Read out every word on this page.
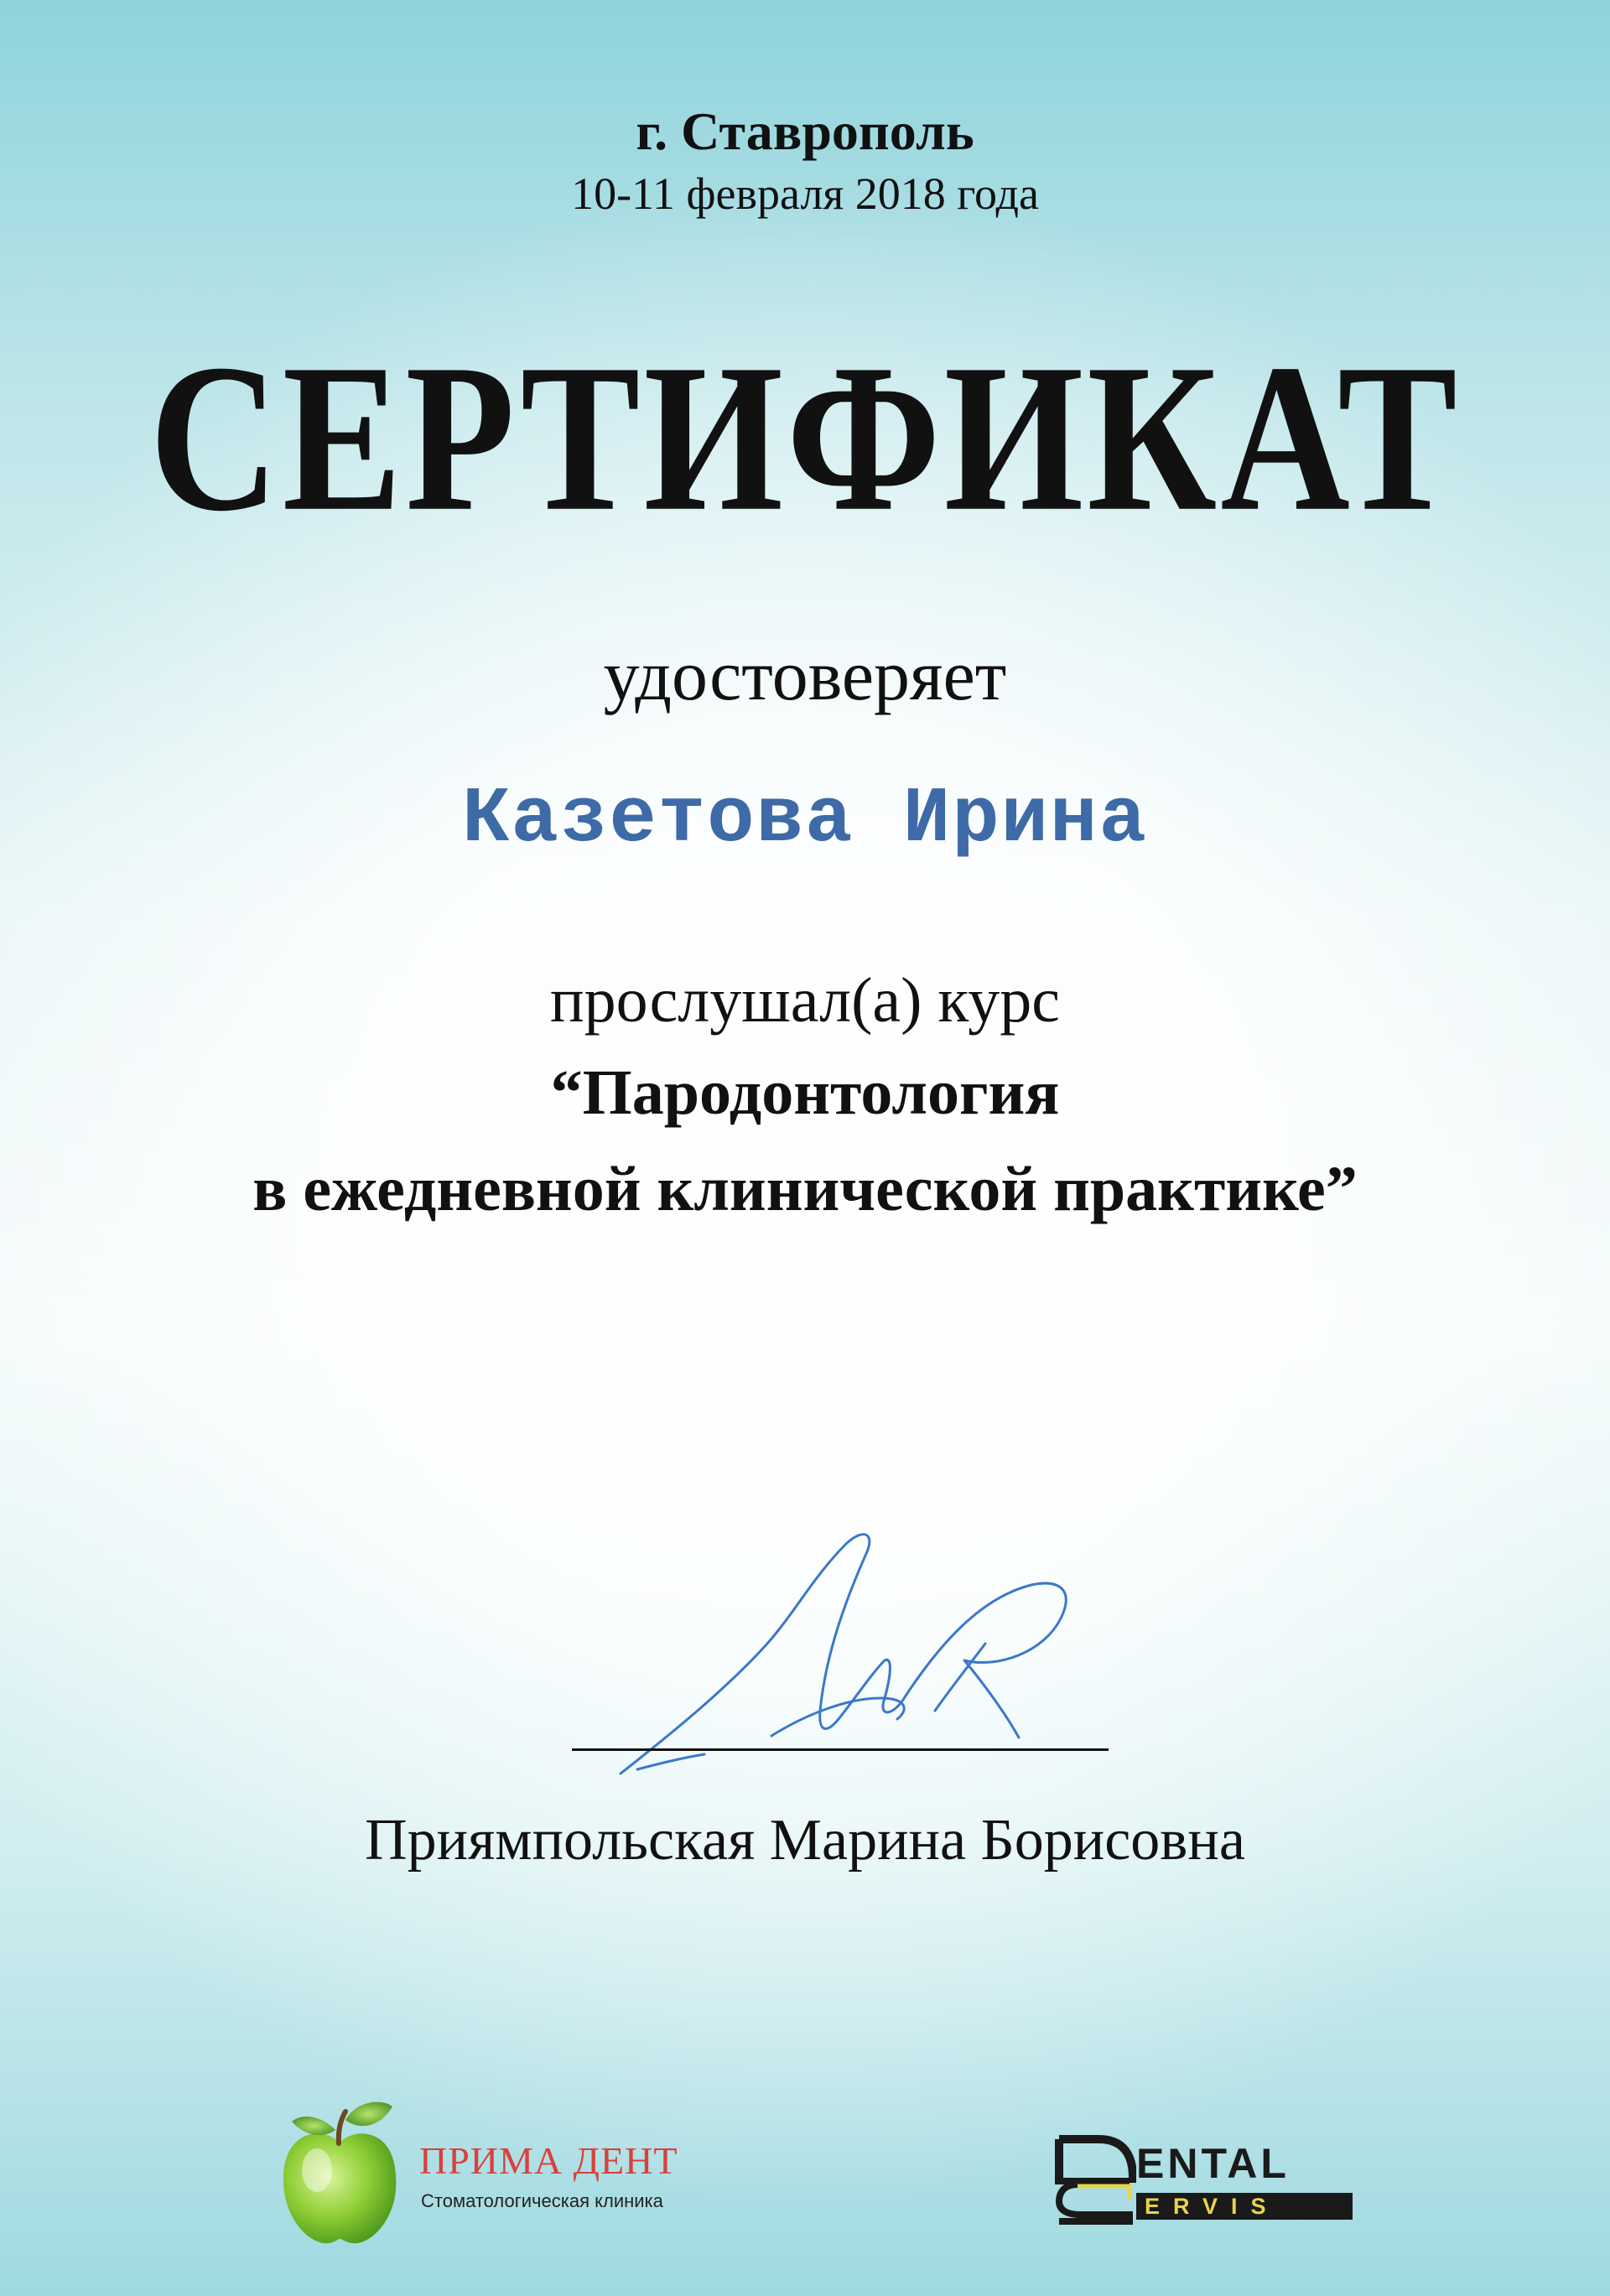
г. Ставрополь
10-11 февраля 2018 года
СЕРТИФИКАТ
удостоверяет
Казетова Ирина
прослушал(а) курс
“Пародонтология
в ежедневной клинической практике”
Приямпольская Марина Борисовна
ПРИМА ДЕНТ
Стоматологическая клиника
ENTAL
ERVIS
